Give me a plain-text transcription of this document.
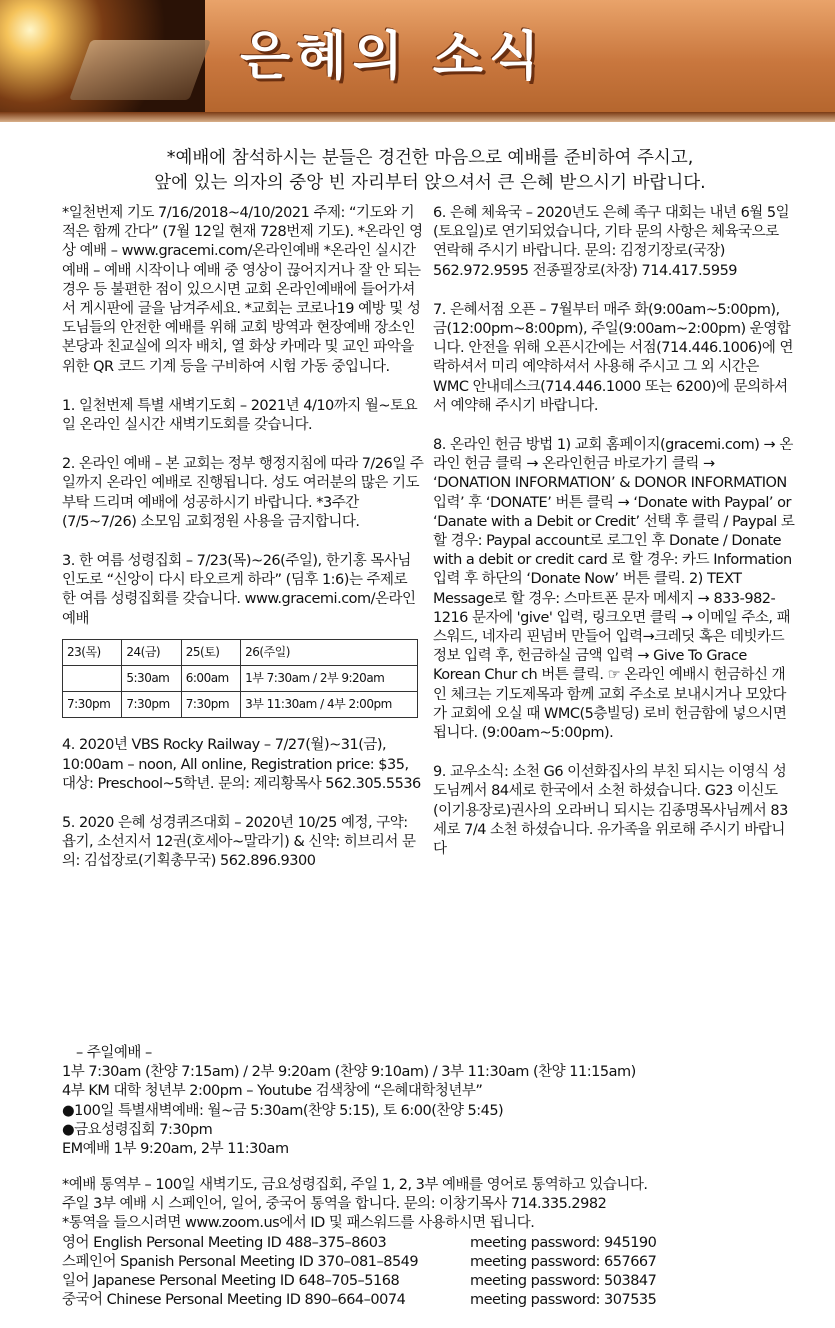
은혜의 소식
*예배에 참석하시는 분들은 경건한 마음으로 예배를 준비하여 주시고,
앞에 있는 의자의 중앙 빈 자리부터 앉으셔서 큰 은혜 받으시기 바랍니다.

*일천번제 기도 7/16/2018~4/10/2021 주제: “기도와 기적은 함께 간다” (7월 12일 현재 728번제 기도). *온라인 영상 예배 – www.gracemi.com/온라인예배 *온라인 실시간 예배 – 예배 시작이나 예배 중 영상이 끊어지거나 잘 안 되는 경우 등 불편한 점이 있으시면 교회 온라인예배에 들어가셔서 게시판에 글을 남겨주세요. *교회는 코로나19 예방 및 성도님들의 안전한 예배를 위해 교회 방역과 현장예배 장소인 본당과 친교실에 의자 배치, 열 화상 카메라 및 교인 파악을 위한 QR 코드 기계 등을 구비하여 시험 가동 중입니다.

1. 일천번제 특별 새벽기도회 – 2021년 4/10까지 월~토요일 온라인 실시간 새벽기도회를 갖습니다.

2. 온라인 예배 – 본 교회는 정부 행정지침에 따라 7/26일 주일까지 온라인 예배로 진행됩니다. 성도 여러분의 많은 기도 부탁 드리며 예배에 성공하시기 바랍니다. *3주간(7/5~7/26) 소모임 교회정원 사용을 금지합니다.

3. 한 여름 성령집회 – 7/23(목)~26(주일), 한기홍 목사님 인도로 “신앙이 다시 타오르게 하라” (딤후 1:6)는 주제로 한 여름 성령집회를 갖습니다. www.gracemi.com/온라인예배

23(목)	24(금)	25(토)	26(주일)
	5:30am	6:00am	1부 7:30am / 2부 9:20am
7:30pm	7:30pm	7:30pm	3부 11:30am / 4부 2:00pm

4. 2020년 VBS Rocky Railway – 7/27(월)~31(금), 10:00am – noon, All online, Registration price: $35, 대상: Preschool~5학년. 문의: 제리황목사 562.305.5536

5. 2020 은혜 성경퀴즈대회 – 2020년 10/25 예정, 구약: 욥기, 소선지서 12권(호세아~말라기) & 신약: 히브리서 문의: 김섭장로(기획총무국) 562.896.9300

6. 은혜 체육국 – 2020년도 은혜 족구 대회는 내년 6월 5일(토요일)로 연기되었습니다, 기타 문의 사항은 체육국으로 연락해 주시기 바랍니다. 문의: 김정기장로(국장) 562.972.9595 전종필장로(차장) 714.417.5959

7. 은혜서점 오픈 – 7월부터 매주 화(9:00am~5:00pm), 금(12:00pm~8:00pm), 주일(9:00am~2:00pm) 운영합니다. 안전을 위해 오픈시간에는 서점(714.446.1006)에 연락하셔서 미리 예약하셔서 사용해 주시고 그 외 시간은 WMC 안내데스크(714.446.1000 또는 6200)에 문의하셔서 예약해 주시기 바랍니다.

8. 온라인 헌금 방법 1) 교회 홈페이지(gracemi.com) → 온라인 헌금 클릭 → 온라인헌금 바로가기 클릭 → ‘DONATION INFORMATION’ & DONOR INFORMATION 입력’ 후 ‘DONATE’ 버튼 클릭 → ‘Donate with Paypal’ or ‘Danate with a Debit or Credit’ 선택 후 클릭 / Paypal 로 할 경우: Paypal account로 로그인 후 Donate / Donate with a debit or credit card 로 할 경우: 카드 Information 입력 후 하단의 ‘Donate Now’ 버튼 클릭. 2) TEXT Message로 할 경우: 스마트폰 문자 메세지 → 833-982-1216 문자에 'give' 입력, 링크오면 클릭 → 이메일 주소, 패스워드, 네자리 핀넘버 만들어 입력→크레딧 혹은 데빗카드정보 입력 후, 헌금하실 금액 입력 → Give To Grace Korean Chur ch 버튼 클릭. ☞ 온라인 예배시 헌금하신 개인 체크는 기도제목과 함께 교회 주소로 보내시거나 모았다가 교회에 오실 때 WMC(5층빌딩) 로비 헌금함에 넣으시면 됩니다. (9:00am~5:00pm).

9. 교우소식: 소천 G6 이선화집사의 부친 되시는 이영식 성도님께서 84세로 한국에서 소천 하셨습니다. G23 이신도(이기용장로)권사의 오라버니 되시는 김종명목사님께서 83세로 7/4 소천 하셨습니다. 유가족을 위로해 주시기 바랍니다

– 주일예배 –
1부 7:30am (찬양 7:15am) / 2부 9:20am (찬양 9:10am) / 3부 11:30am (찬양 11:15am)
4부 KM 대학 청년부 2:00pm – Youtube 검색창에 “은혜대학청년부”
●100일 특별새벽예배: 월~금 5:30am(찬양 5:15), 토 6:00(찬양 5:45)
●금요성령집회 7:30pm
EM예배 1부 9:20am, 2부 11:30am
*예배 통역부 – 100일 새벽기도, 금요성령집회, 주일 1, 2, 3부 예배를 영어로 통역하고 있습니다.
주일 3부 예배 시 스페인어, 일어, 중국어 통역을 합니다. 문의: 이창기목사 714.335.2982
*통역을 들으시려면 www.zoom.us에서 ID 및 패스워드를 사용하시면 됩니다.
영어 English Personal Meeting ID 488–375–8603	meeting password: 945190
스페인어 Spanish Personal Meeting ID 370–081–8549	meeting password: 657667
일어 Japanese Personal Meeting ID 648–705–5168	meeting password: 503847
중국어 Chinese Personal Meeting ID 890–664–0074	meeting password: 307535
